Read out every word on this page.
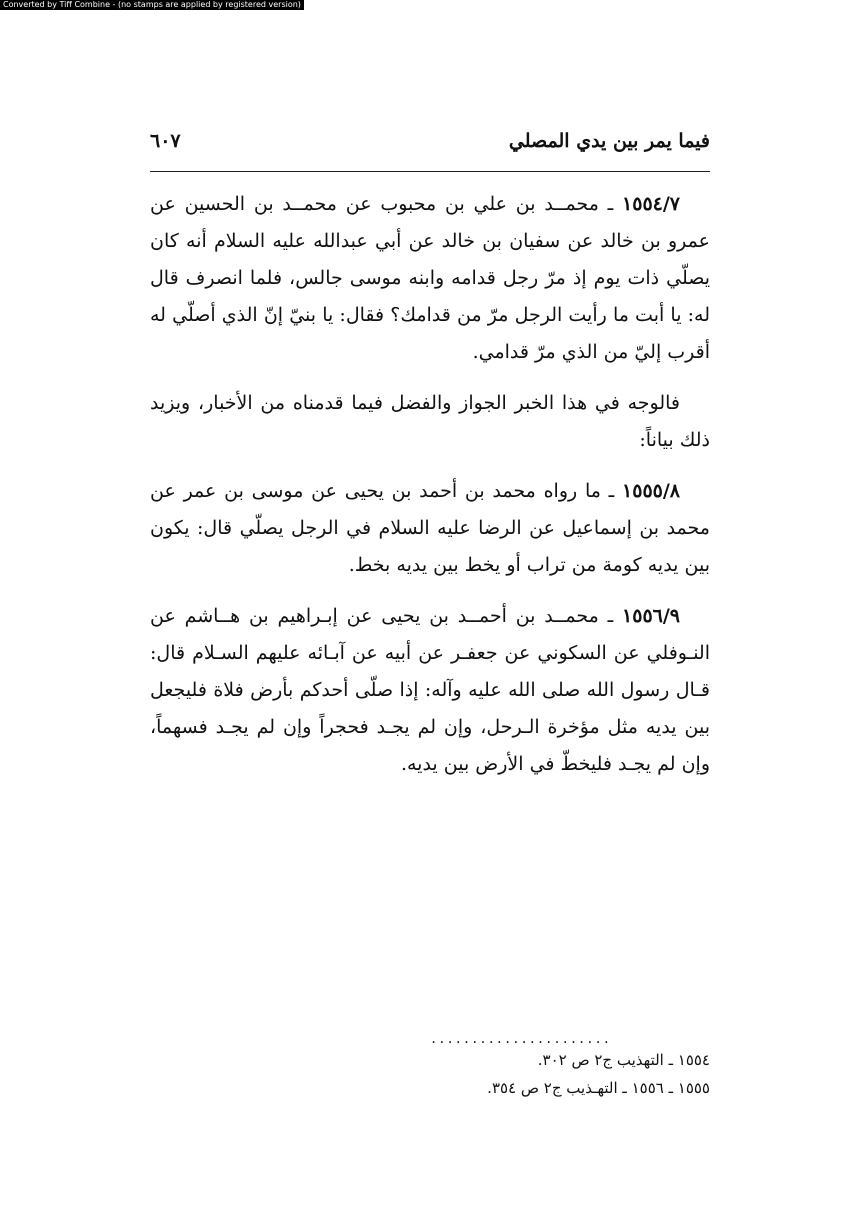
Converted by Tiff Combine - (no stamps are applied by registered version)
فيما يمر بين يدي المصلي
٦٠٧

١٥٥٤/٧ ـ محمــد بن علي بن محبوب عن محمــد بن الحسين عن عمرو بن خالد عن سفيان بن خالد عن أبي عبدالله عليه السلام أنه كان يصلّي ذات يوم إذ مرّ رجل قدامه وابنه موسى جالس، فلما انصرف قال له: يا أبت ما رأيت الرجل مرّ من قدامك؟ فقال: يا بنيّ إنّ الذي أصلّي له أقرب إليّ من الذي مرّ قدامي.

فالوجه في هذا الخبر الجواز والفضل فيما قدمناه من الأخبار، ويزيد ذلك بياناً:

١٥٥٥/٨ ـ ما رواه محمد بن أحمد بن يحيى عن موسى بن عمر عن محمد بن إسماعيل عن الرضا عليه السلام في الرجل يصلّي قال: يكون بين يديه كومة من تراب أو يخط بين يديه بخط.

١٥٥٦/٩ ـ محمــد بن أحمــد بن يحيى عن إبـراهيم بن هــاشم عن النـوفلي عن السكوني عن جعفـر عن أبيه عن آبـائه عليهم السـلام قال: قـال رسول الله صلى الله عليه وآله: إذا صلّى أحدكم بأرض فلاة فليجعل بين يديه مثل مؤخرة الـرحل، وإن لم يجـد فحجراً وإن لم يجـد فسهماً، وإن لم يجـد فليخطّ في الأرض بين يديه.

......................
١٥٥٤ ـ التهذيب ج٢ ص ٣٠٢.
١٥٥٥ ـ ١٥٥٦ ـ التهـذيب ج٢ ص ٣٥٤.
